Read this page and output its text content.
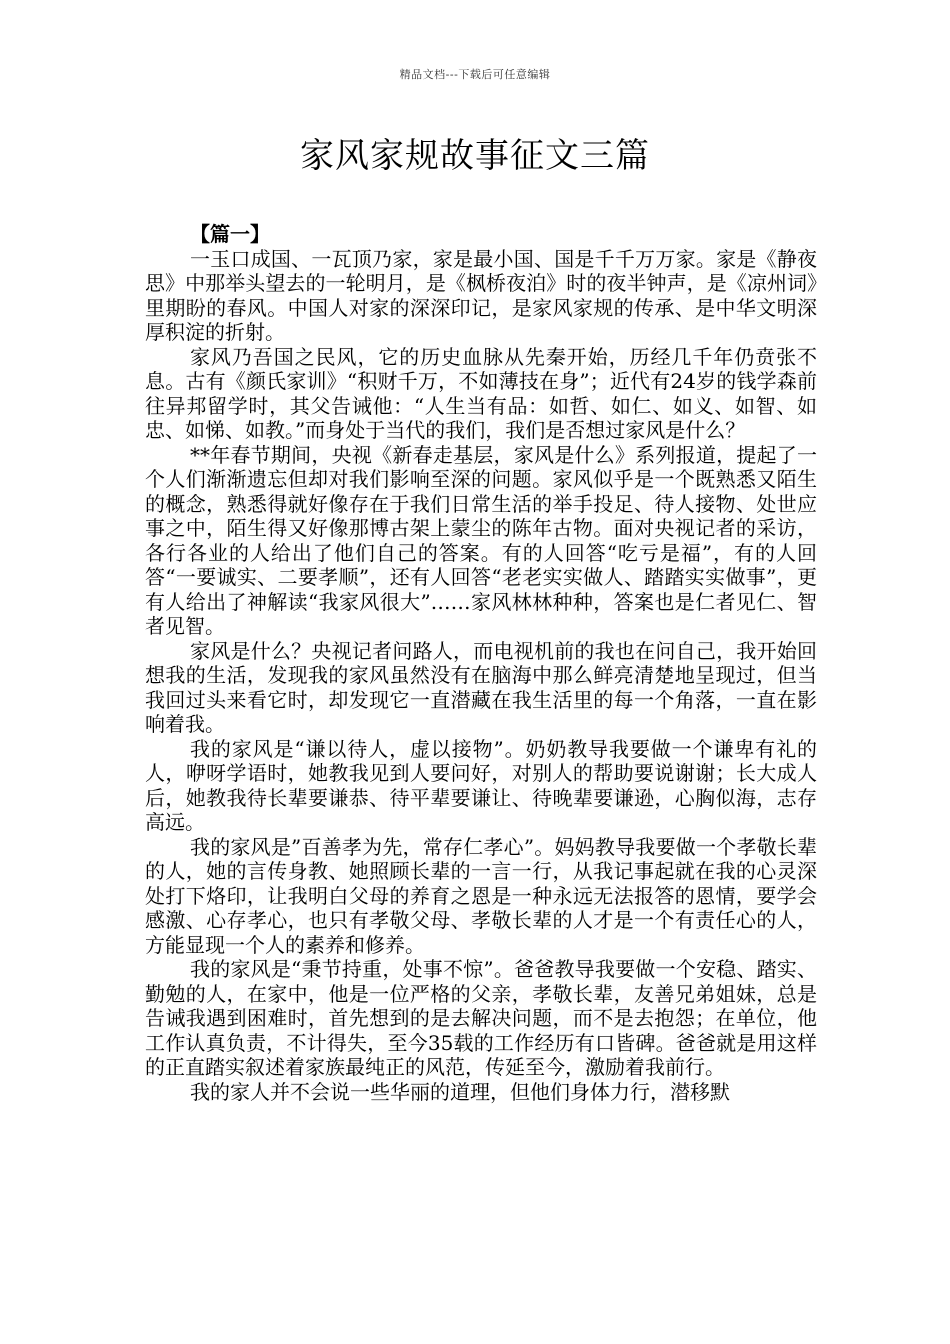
精品文档---下载后可任意编辑
家风家规故事征文三篇
【篇一】

一玉口成国、一瓦顶乃家，家是最小国、国是千千万万家。家是《静夜思》中那举头望去的一轮明月，是《枫桥夜泊》时的夜半钟声，是《凉州词》里期盼的春风。中国人对家的深深印记，是家风家规的传承、是中华文明深厚积淀的折射。

家风乃吾国之民风，它的历史血脉从先秦开始，历经几千年仍贲张不息。古有《颜氏家训》“积财千万，不如薄技在身”；近代有24岁的钱学森前往异邦留学时，其父告诫他：“人生当有品：如哲、如仁、如义、如智、如忠、如悌、如教。”而身处于当代的我们，我们是否想过家风是什么？

**年春节期间，央视《新春走基层，家风是什么》系列报道，提起了一个人们渐渐遗忘但却对我们影响至深的问题。家风似乎是一个既熟悉又陌生的概念，熟悉得就好像存在于我们日常生活的举手投足、待人接物、处世应事之中，陌生得又好像那博古架上蒙尘的陈年古物。面对央视记者的采访，各行各业的人给出了他们自己的答案。有的人回答“吃亏是福”，有的人回答“一要诚实、二要孝顺”，还有人回答“老老实实做人、踏踏实实做事”，更有人给出了神解读“我家风很大”……家风林林种种，答案也是仁者见仁、智者见智。

家风是什么？央视记者问路人，而电视机前的我也在问自己，我开始回想我的生活，发现我的家风虽然没有在脑海中那么鲜亮清楚地呈现过，但当我回过头来看它时，却发现它一直潜藏在我生活里的每一个角落，一直在影响着我。

我的家风是“谦以待人，虚以接物”。奶奶教导我要做一个谦卑有礼的人，咿呀学语时，她教我见到人要问好，对别人的帮助要说谢谢；长大成人后，她教我待长辈要谦恭、待平辈要谦让、待晚辈要谦逊，心胸似海，志存高远。

我的家风是”百善孝为先，常存仁孝心”。妈妈教导我要做一个孝敬长辈的人，她的言传身教、她照顾长辈的一言一行，从我记事起就在我的心灵深处打下烙印，让我明白父母的养育之恩是一种永远无法报答的恩情，要学会感激、心存孝心，也只有孝敬父母、孝敬长辈的人才是一个有责任心的人，方能显现一个人的素养和修养。

我的家风是“秉节持重，处事不惊”。爸爸教导我要做一个安稳、踏实、勤勉的人，在家中，他是一位严格的父亲，孝敬长辈，友善兄弟姐妹，总是告诫我遇到困难时，首先想到的是去解决问题，而不是去抱怨；在单位，他工作认真负责，不计得失，至今35载的工作经历有口皆碑。爸爸就是用这样的正直踏实叙述着家族最纯正的风范，传延至今，激励着我前行。

我的家人并不会说一些华丽的道理，但他们身体力行，潜移默
